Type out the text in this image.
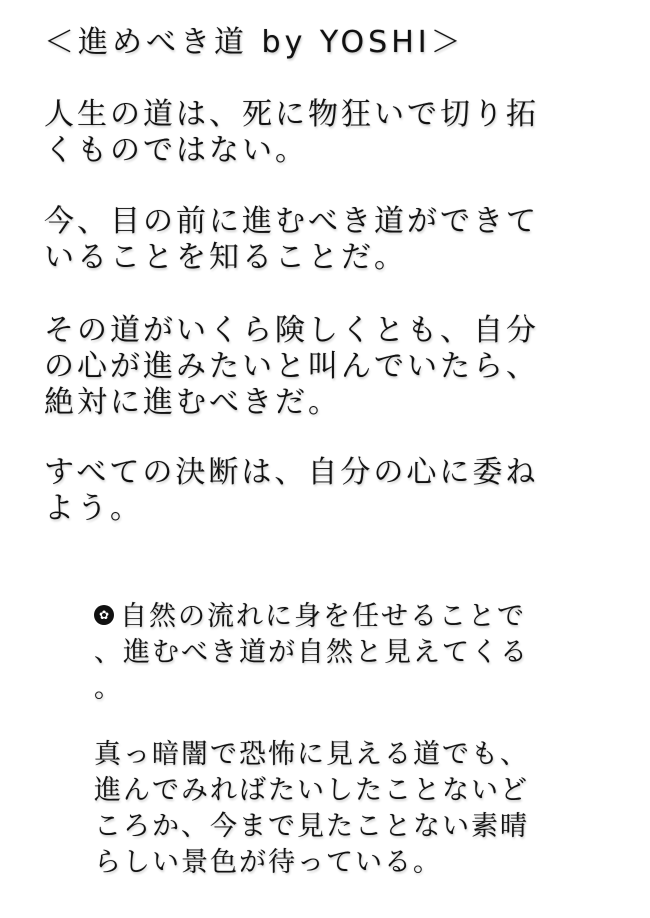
＜進めべき道 by YOSHI＞
人生の道は、死に物狂いで切り拓
くものではない。
今、目の前に進むべき道ができて
いることを知ることだ。
その道がいくら険しくとも、自分
の心が進みたいと叫んでいたら、
絶対に進むべきだ。
すべての決断は、自分の心に委ね
よう。
✿ 自然の流れに身を任せることで
、進むべき道が自然と見えてくる
。
真っ暗闇で恐怖に見える道でも、
進んでみればたいしたことないど
ころか、今まで見たことない素晴
らしい景色が待っている。
